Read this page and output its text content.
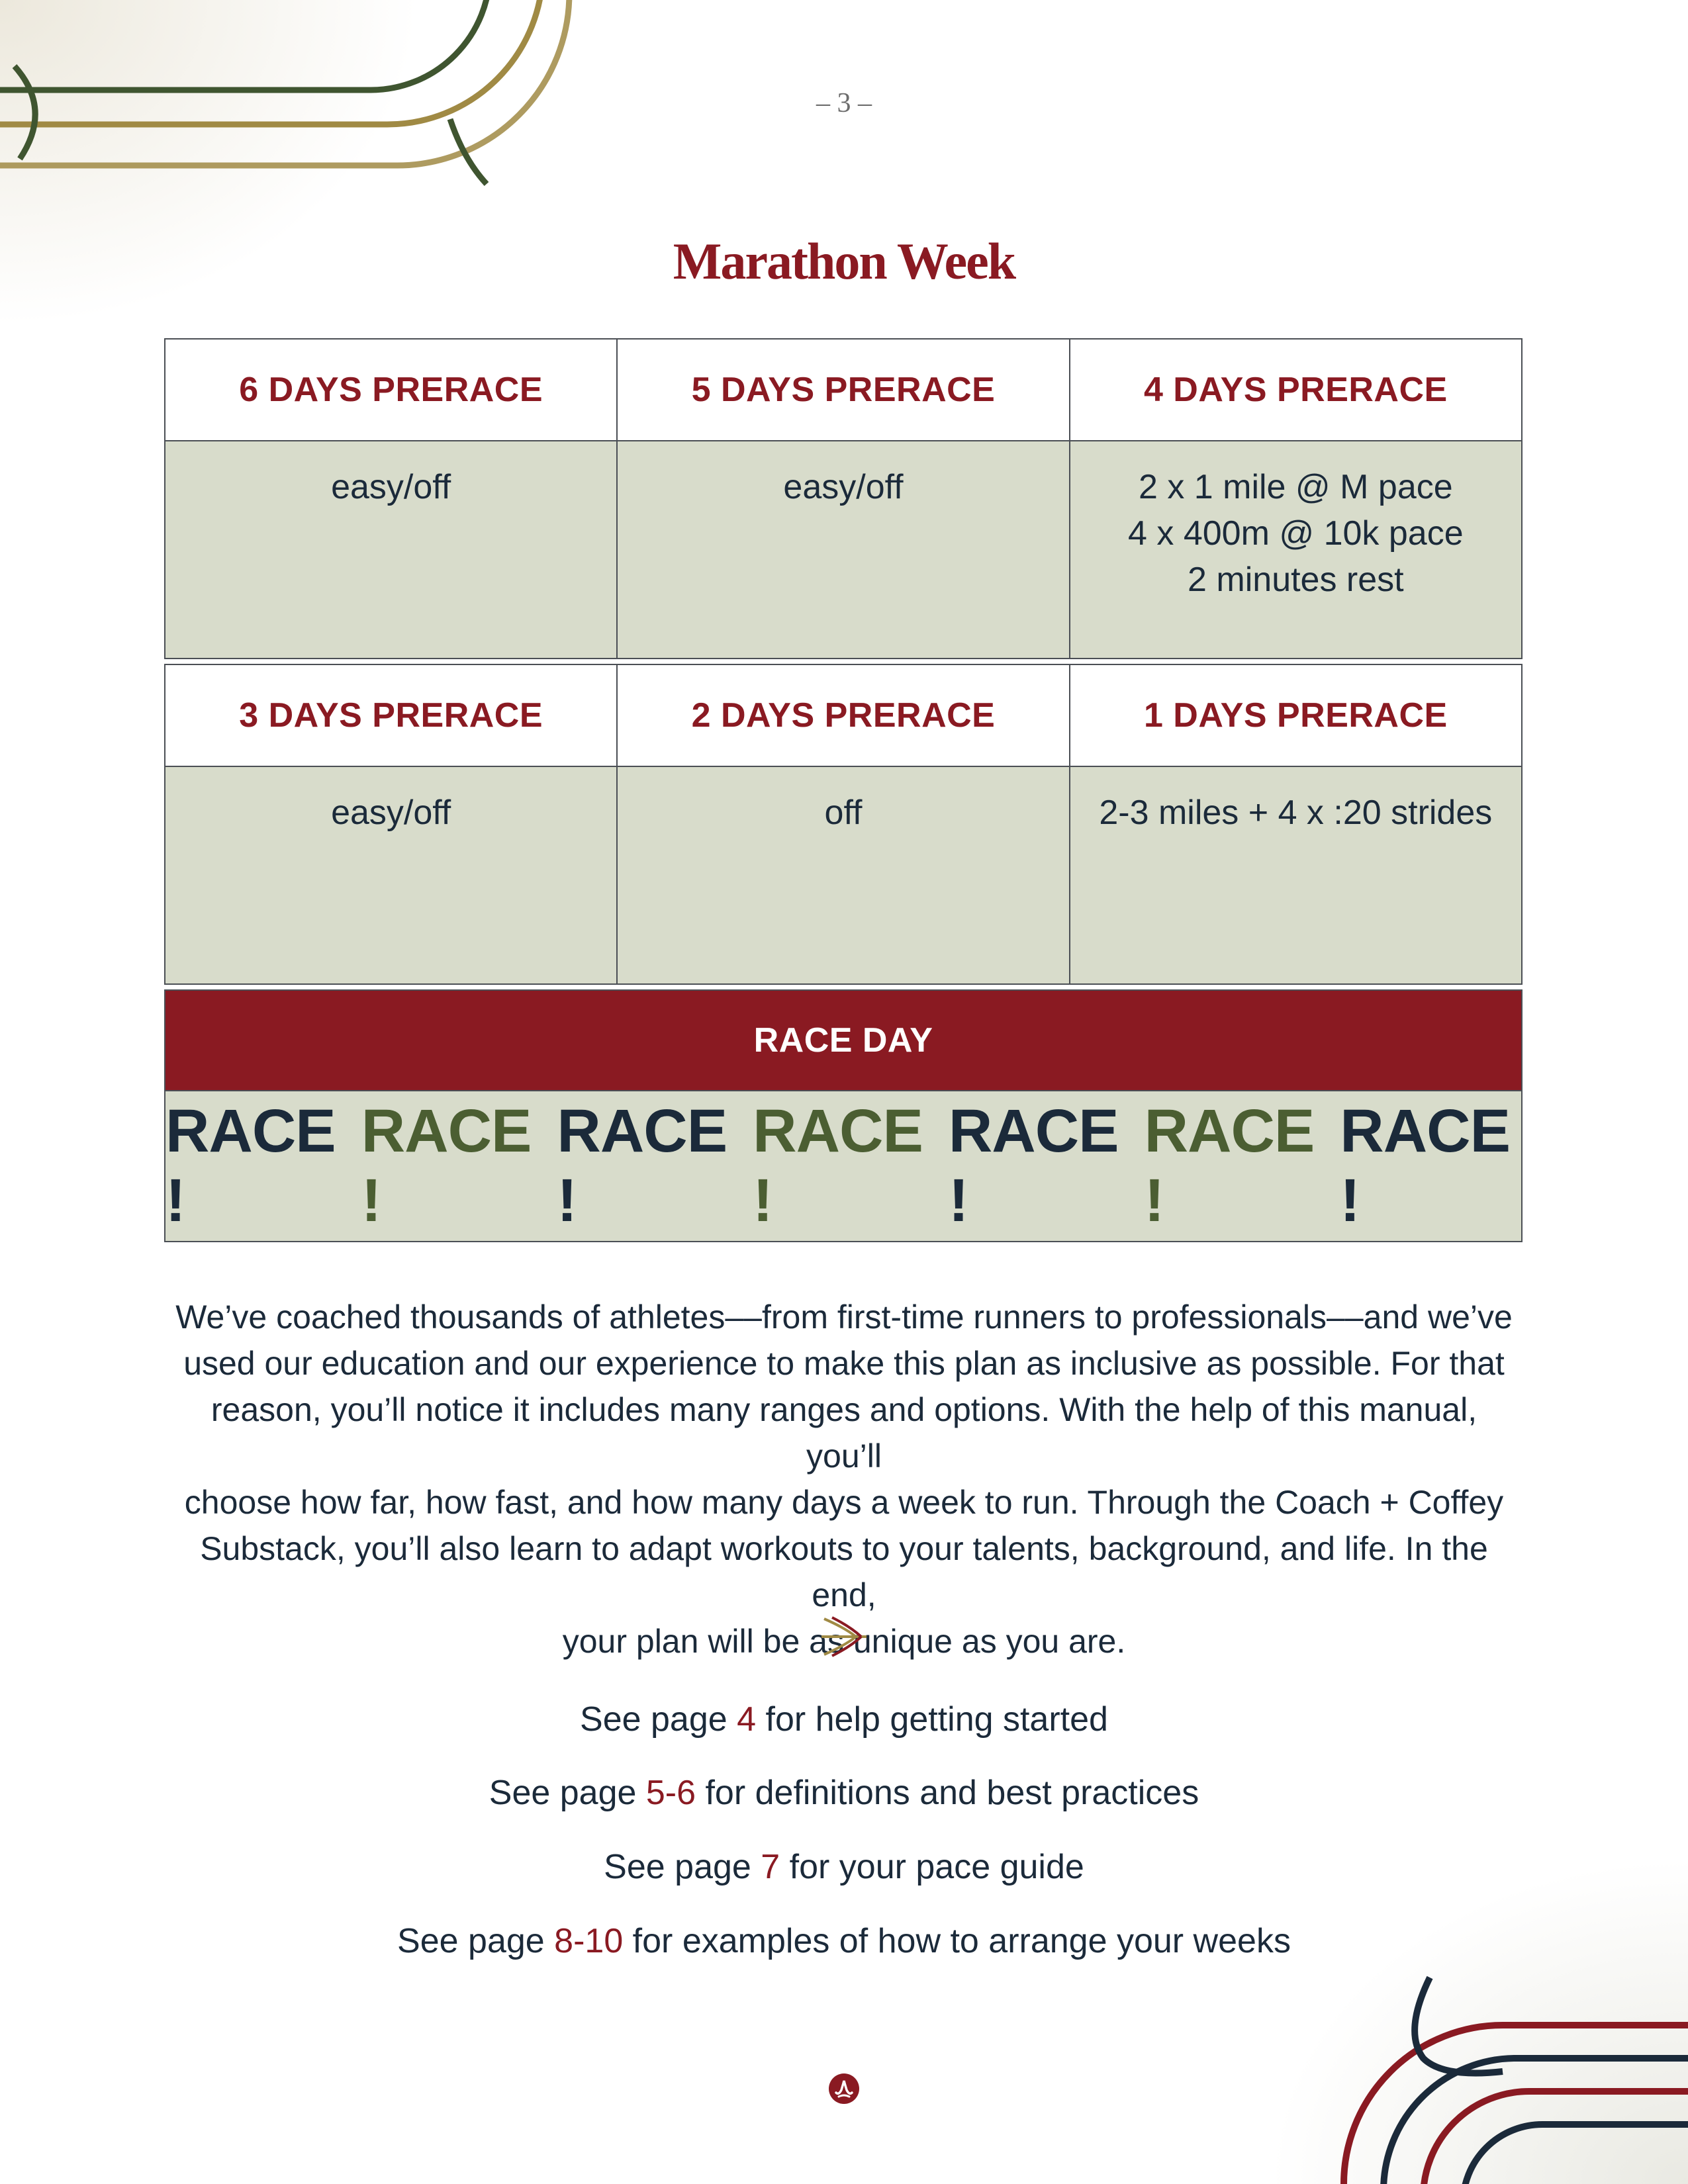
– 3 –
Marathon Week
6 DAYS PRERACE	5 DAYS PRERACE	4 DAYS PRERACE

easy/off	easy/off	2 x 1 mile @ M pace
4 x 400m @ 10k pace
2 minutes rest
3 DAYS PRERACE	2 DAYS PRERACE	1 DAYS PRERACE

easy/off	off	2-3 miles + 4 x :20 strides
RACE DAY
RACE !
RACE !
RACE !
RACE !
RACE !
RACE !
RACE !
We’ve coached thousands of athletes––from first-time runners to professionals––and we’ve
used our education and our experience to make this plan as inclusive as possible. For that
reason, you’ll notice it includes many ranges and options. With the help of this manual, you’ll
choose how far, how fast, and how many days a week to run. Through the Coach + Coffey
Substack, you’ll also learn to adapt workouts to your talents, background, and life. In the end,
your plan will be as unique as you are.
See page 4 for help getting started
See page 5-6 for definitions and best practices
See page 7 for your pace guide
See page 8-10 for examples of how to arrange your weeks
